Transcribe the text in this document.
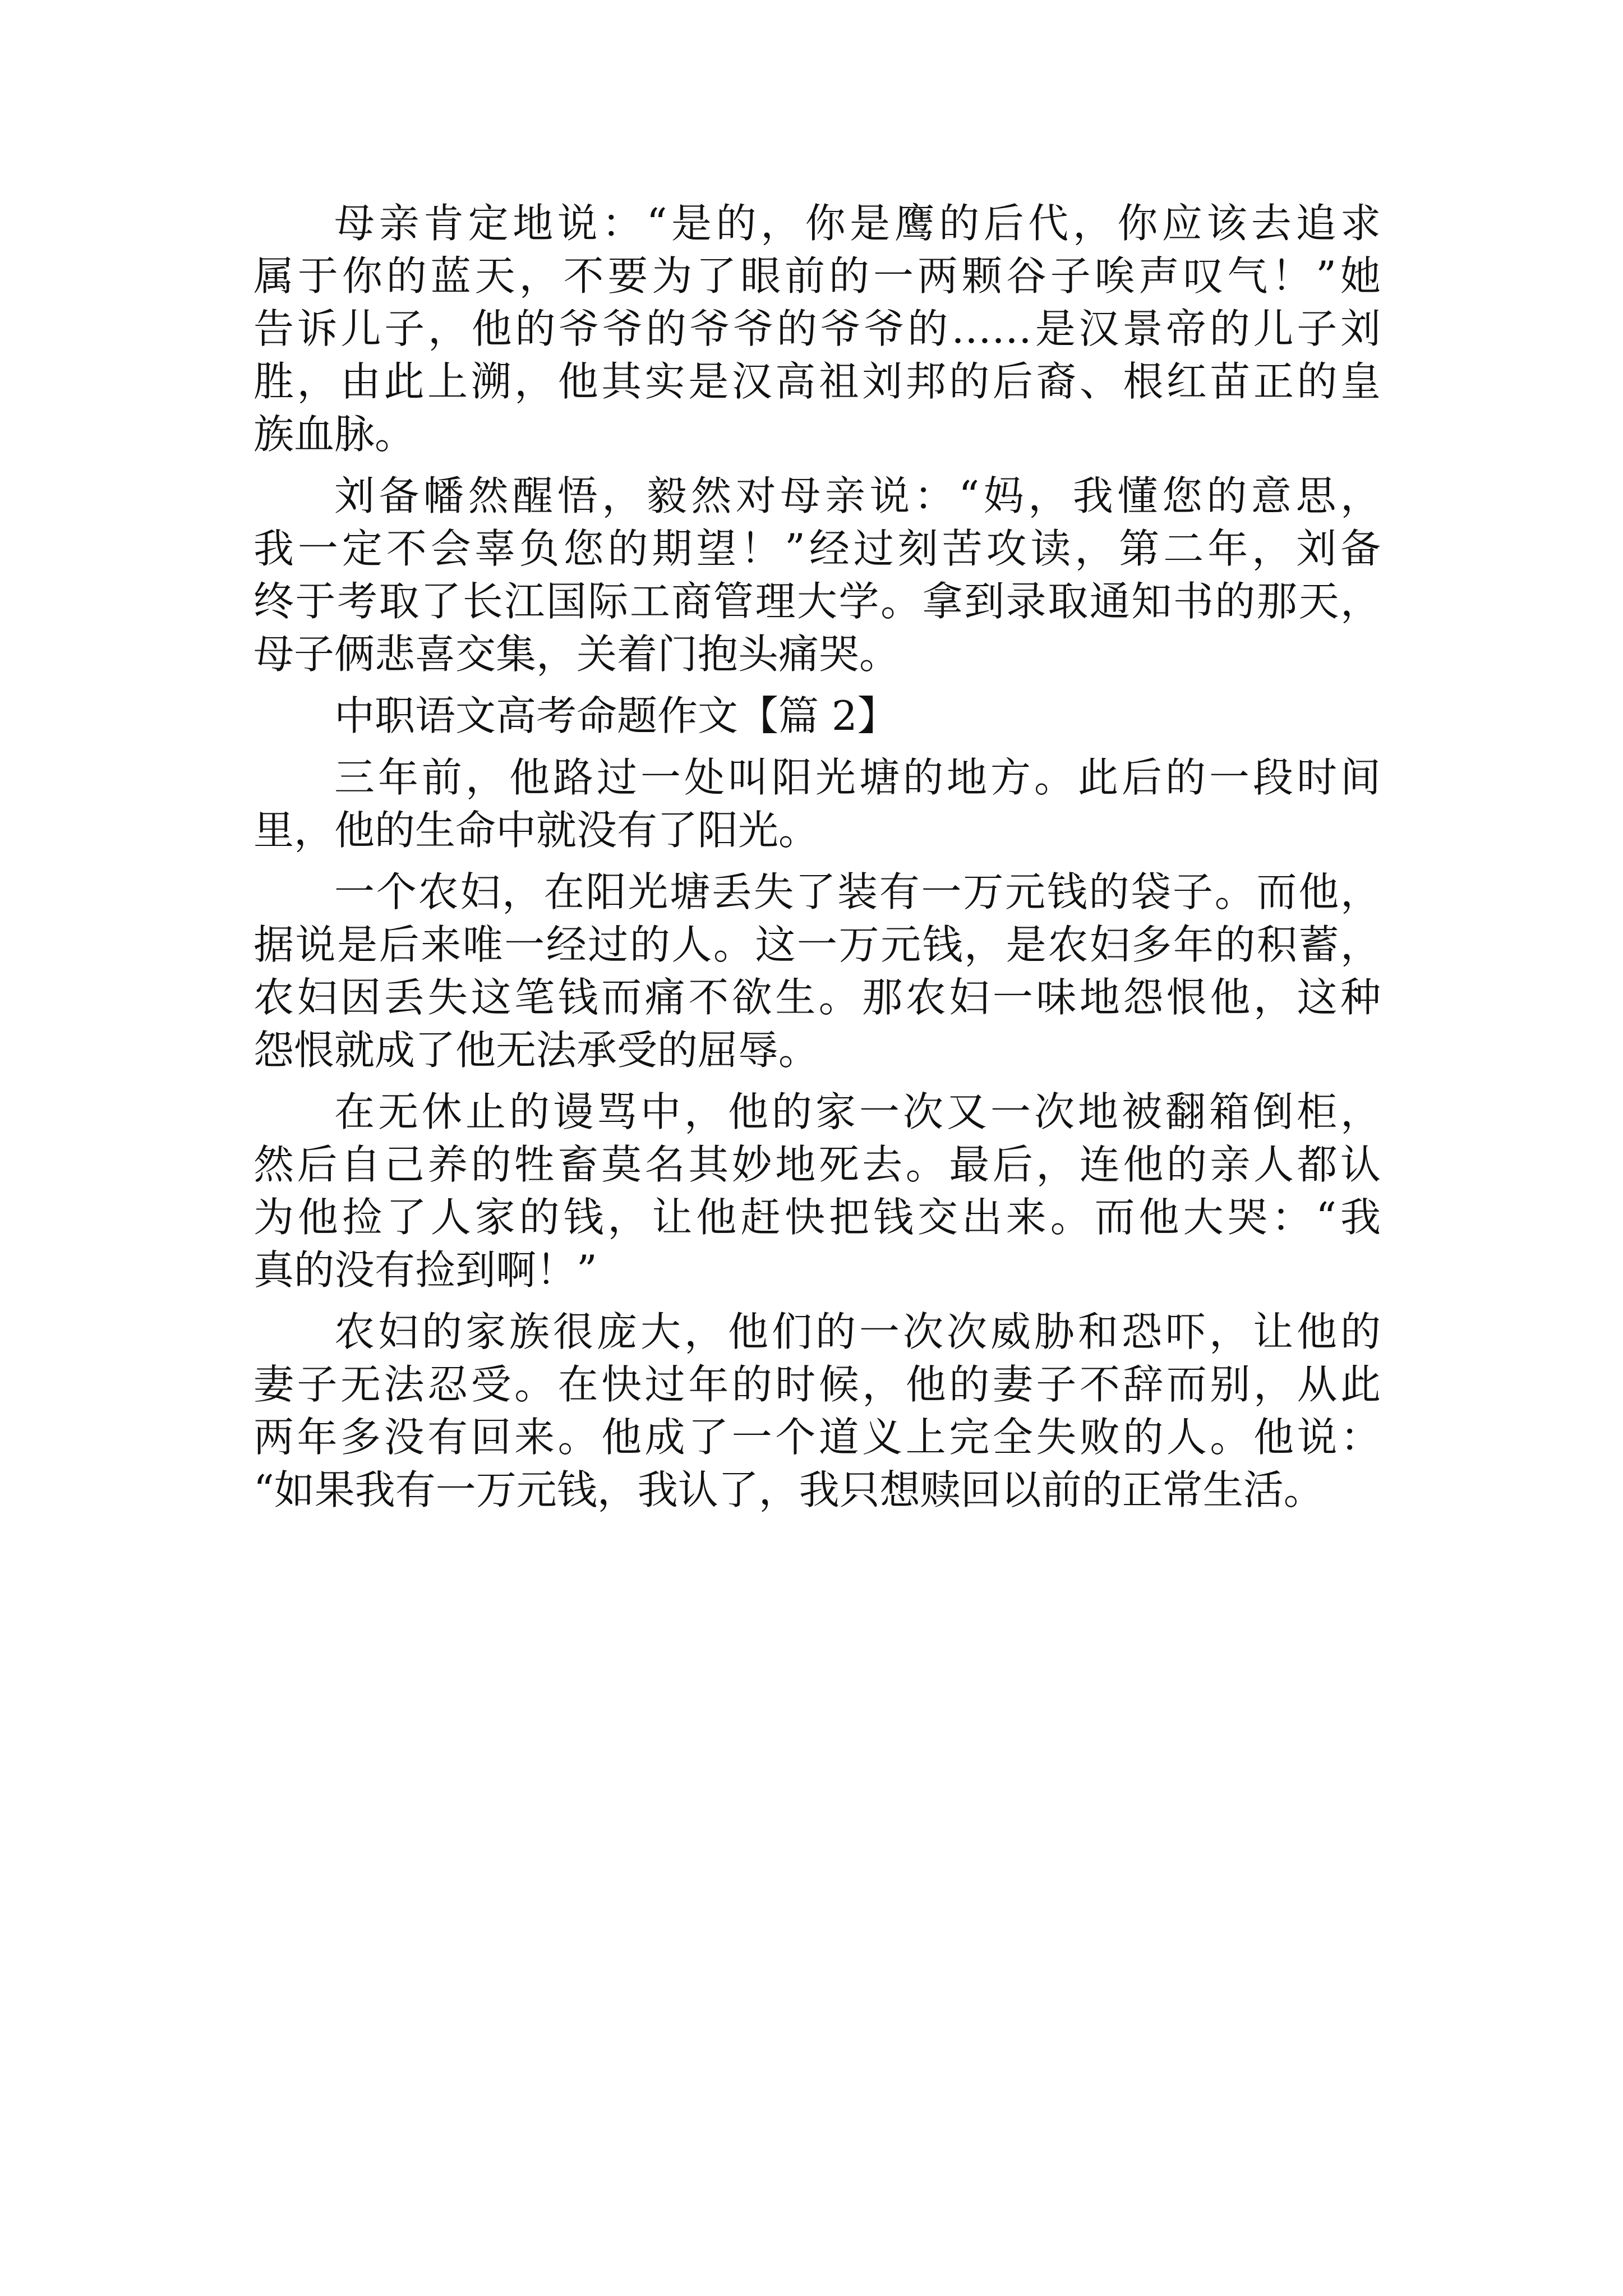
母亲肯定地说：“是的，你是鹰的后代，你应该去追求
属于你的蓝天，不要为了眼前的一两颗谷子唉声叹气！”她
告诉儿子，他的爷爷的爷爷的爷爷的……是汉景帝的儿子刘
胜，由此上溯，他其实是汉高祖刘邦的后裔、根红苗正的皇
族血脉。
刘备幡然醒悟，毅然对母亲说：“妈，我懂您的意思，
我一定不会辜负您的期望！”经过刻苦攻读，第二年，刘备
终于考取了长江国际工商管理大学。拿到录取通知书的那天，
母子俩悲喜交集，关着门抱头痛哭。
中职语文高考命题作文【篇 2】
三年前，他路过一处叫阳光塘的地方。此后的一段时间
里，他的生命中就没有了阳光。
一个农妇，在阳光塘丢失了装有一万元钱的袋子。而他，
据说是后来唯一经过的人。这一万元钱，是农妇多年的积蓄，
农妇因丢失这笔钱而痛不欲生。那农妇一味地怨恨他，这种
怨恨就成了他无法承受的屈辱。
在无休止的谩骂中，他的家一次又一次地被翻箱倒柜，
然后自己养的牲畜莫名其妙地死去。最后，连他的亲人都认
为他捡了人家的钱，让他赶快把钱交出来。而他大哭：“我
真的没有捡到啊！”
农妇的家族很庞大，他们的一次次威胁和恐吓，让他的
妻子无法忍受。在快过年的时候，他的妻子不辞而别，从此
两年多没有回来。他成了一个道义上完全失败的人。他说：
“如果我有一万元钱，我认了，我只想赎回以前的正常生活。
